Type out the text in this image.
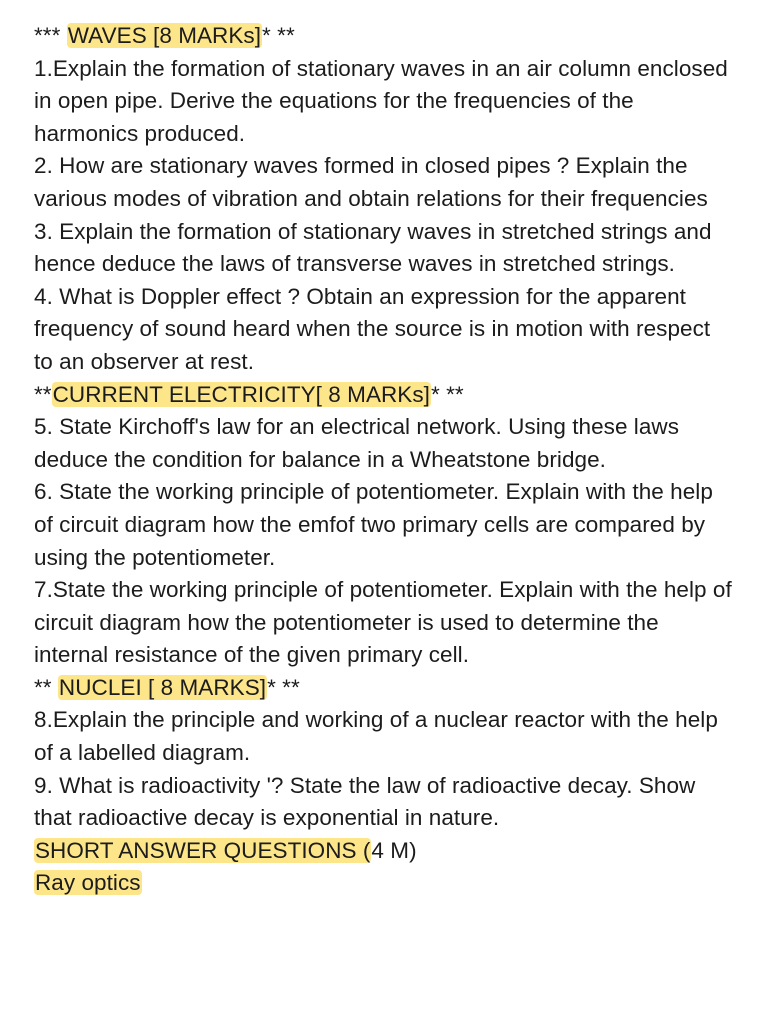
*** WAVES [8 MARKs]* **

1.Explain the formation of stationary waves in an air column enclosed in open pipe. Derive the equations for the frequencies of the harmonics produced.

2. How are stationary waves formed in closed pipes ? Explain the various modes of vibration and obtain relations for their frequencies

3. Explain the formation of stationary waves in stretched strings and hence deduce the laws of transverse waves in stretched strings.

4. What is Doppler effect ? Obtain an expression for the apparent frequency of sound heard when the source is in motion with respect to an observer at rest.

**CURRENT ELECTRICITY[ 8 MARKs]* **

5. State Kirchoff's law for an electrical network. Using these laws deduce the condition for balance in a Wheatstone bridge.

6. State the working principle of potentiometer. Explain with the help of circuit diagram how the emfof two primary cells are compared by using the potentiometer.

7.State the working principle of potentiometer. Explain with the help of circuit diagram how the potentiometer is used to determine the internal resistance of the given primary cell.

** NUCLEI [ 8 MARKS]* **

8.Explain the principle and working of a nuclear reactor with the help of a labelled diagram.

9. What is radioactivity '? State the law of radioactive decay. Show that radioactive decay is exponential in nature.

SHORT ANSWER QUESTIONS (4 M)

Ray optics
